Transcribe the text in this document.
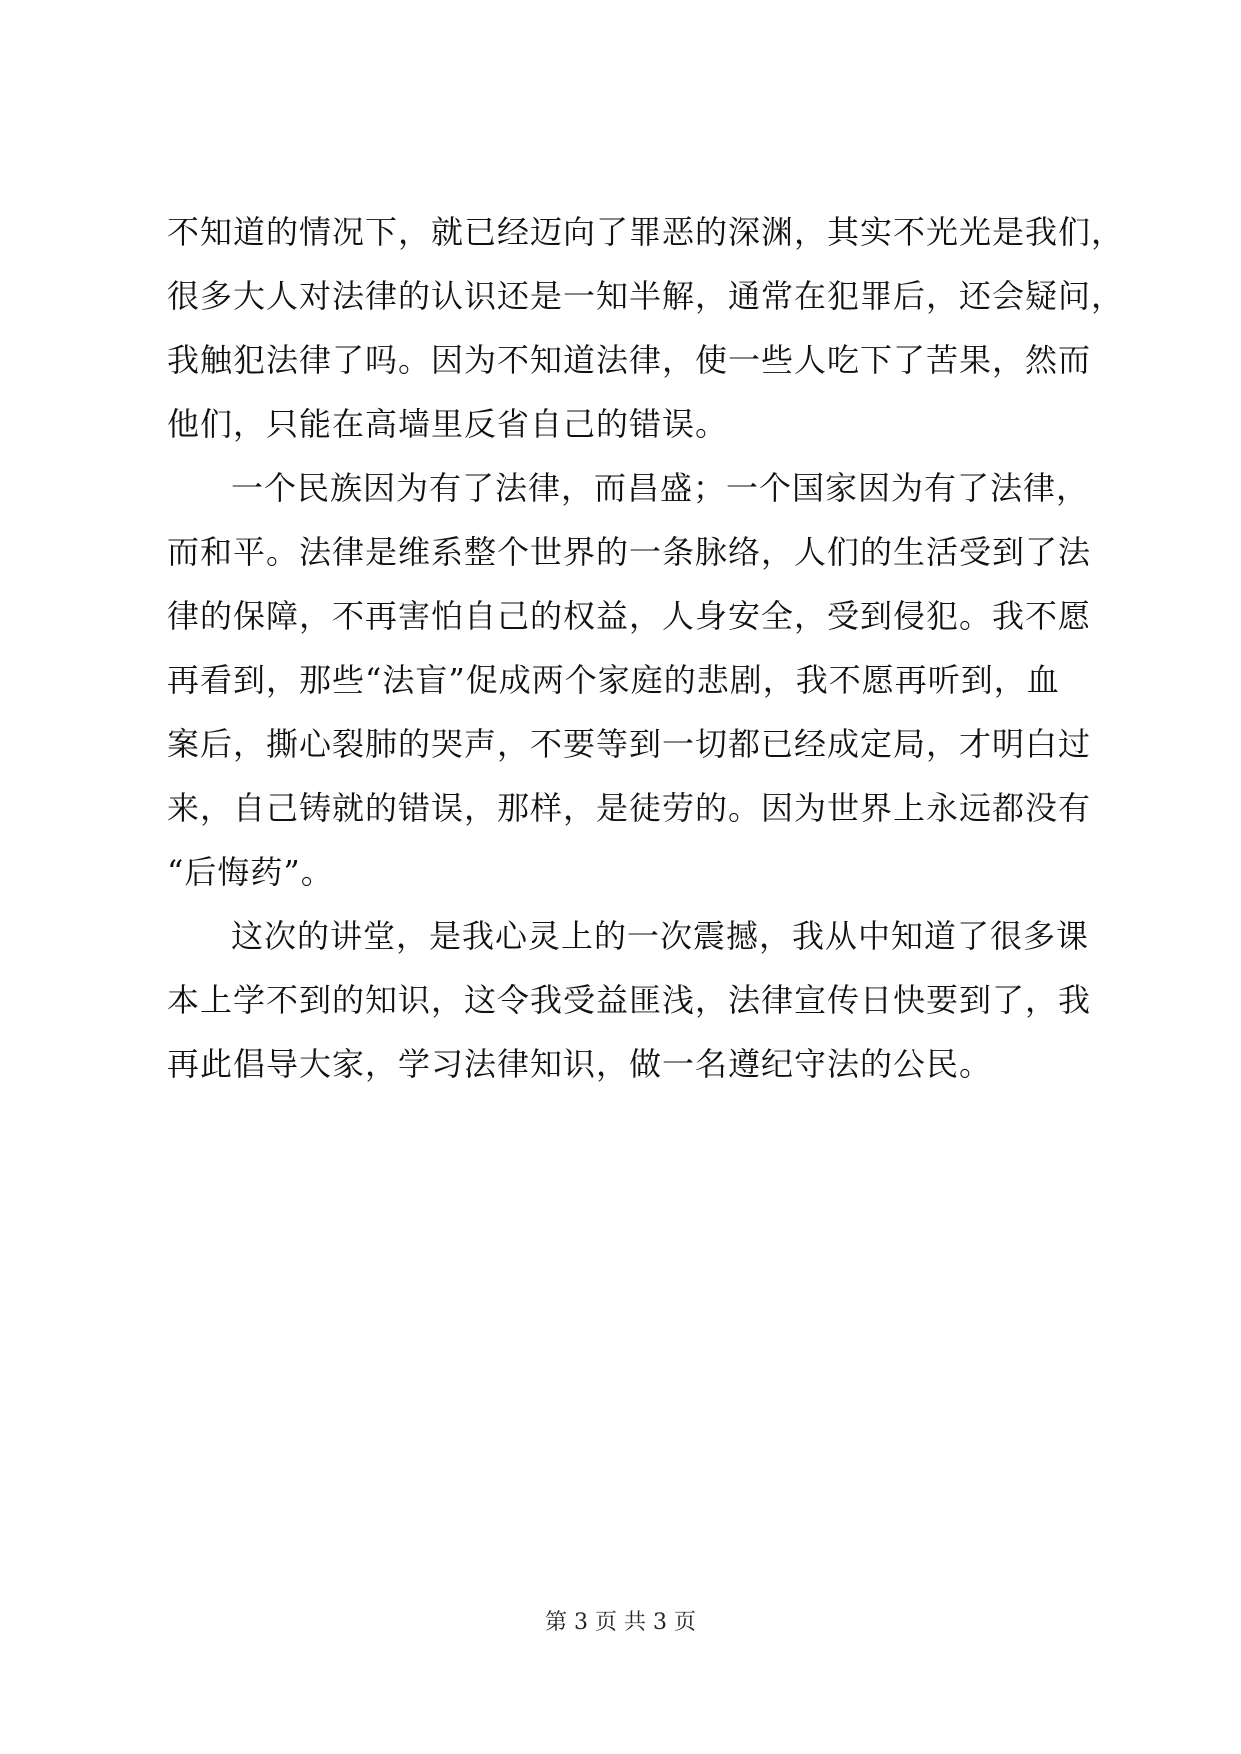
不知道的情况下，就已经迈向了罪恶的深渊，其实不光光是我们，
很多大人对法律的认识还是一知半解，通常在犯罪后，还会疑问，
我触犯法律了吗。因为不知道法律，使一些人吃下了苦果，然而
他们，只能在高墙里反省自己的错误。
一个民族因为有了法律，而昌盛；一个国家因为有了法律，
而和平。法律是维系整个世界的一条脉络，人们的生活受到了法
律的保障，不再害怕自己的权益，人身安全，受到侵犯。我不愿
再看到，那些“法盲”促成两个家庭的悲剧，我不愿再听到，血
案后，撕心裂肺的哭声，不要等到一切都已经成定局，才明白过
来，自己铸就的错误，那样，是徒劳的。因为世界上永远都没有
“后悔药”。
这次的讲堂，是我心灵上的一次震撼，我从中知道了很多课
本上学不到的知识，这令我受益匪浅，法律宣传日快要到了，我
再此倡导大家，学习法律知识，做一名遵纪守法的公民。
第 3 页 共 3 页
